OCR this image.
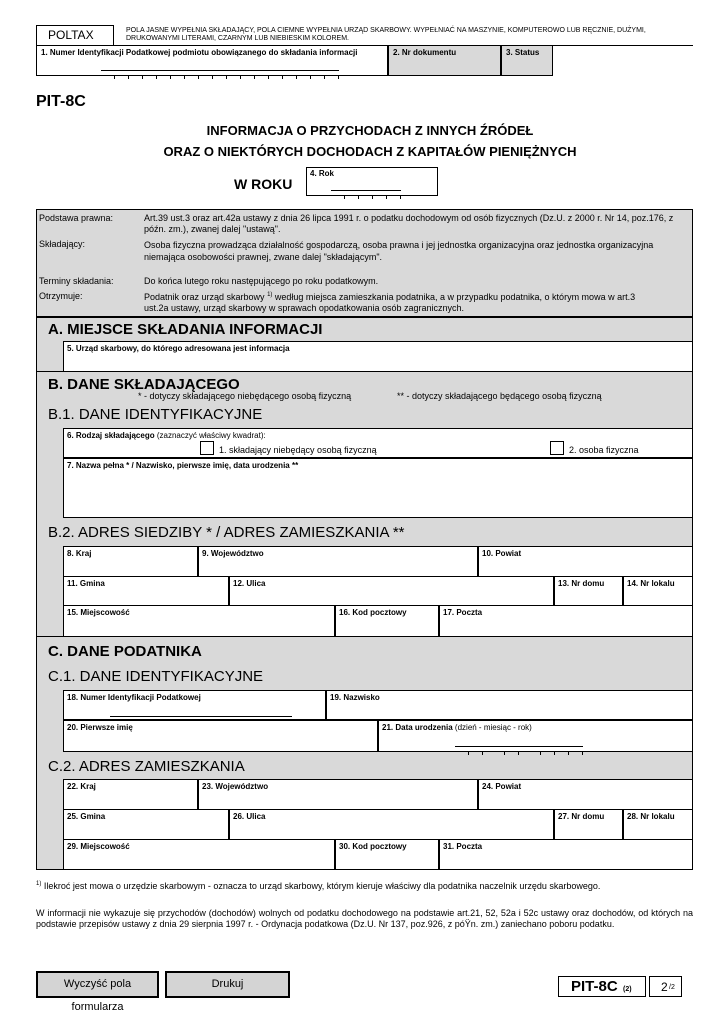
POLTAX	POLA JASNE WYPEŁNIA SKŁADAJĄCY, POLA CIEMNE WYPEŁNIA URZĄD SKARBOWY. WYPEŁNIAĆ NA MASZYNIE, KOMPUTEROWO LUB RĘCZNIE, DUŻYMI, DRUKOWANYMI LITERAMI, CZARNYM LUB NIEBIESKIM KOLOREM.
1. Numer Identyfikacji Podatkowej podmiotu obowiązanego do składania informacji	2. Nr dokumentu	3. Status
PIT-8C
INFORMACJA O PRZYCHODACH Z INNYCH ŹRÓDEŁ
ORAZ O NIEKTÓRYCH DOCHODACH Z KAPITAŁÓW PIENIĘŻNYCH
W ROKU
4. Rok
Podstawa prawna:	Art.39 ust.3 oraz art.42a ustawy z dnia 26 lipca 1991 r. o podatku dochodowym od osób fizycznych (Dz.U. z 2000 r. Nr 14, poz.176, z późn. zm.), zwanej dalej "ustawą".
Składający:	Osoba fizyczna prowadząca działalność gospodarczą, osoba prawna i jej jednostka organizacyjna oraz jednostka organizacyjna niemająca osobowości prawnej, zwane dalej "składającym".
Terminy składania:	Do końca lutego roku następującego po roku podatkowym.
Otrzymuje:	Podatnik oraz urząd skarbowy $^{1)}$ według miejsca zamieszkania podatnika, a w przypadku podatnika, o którym mowa w art.3 ust.2a ustawy, urząd skarbowy w sprawach opodatkowania osób zagranicznych.
A. MIEJSCE SKŁADANIA INFORMACJI
5. Urząd skarbowy, do którego adresowana jest informacja
B. DANE SKŁADAJĄCEGO
* - dotyczy składającego niebędącego osobą fizyczną	** - dotyczy składającego będącego osobą fizyczną
B.1. DANE IDENTYFIKACYJNE
6. Rodzaj składającego (zaznaczyć właściwy kwadrat):
1. składający niebędący osobą fizyczną	2. osoba fizyczna
7. Nazwa pełna * / Nazwisko, pierwsze imię, data urodzenia **
B.2. ADRES SIEDZIBY * / ADRES ZAMIESZKANIA **
8. Kraj	9. Województwo	10. Powiat
11. Gmina	12. Ulica	13. Nr domu	14. Nr lokalu
15. Miejscowość	16. Kod pocztowy	17. Poczta
C. DANE PODATNIKA
C.1. DANE IDENTYFIKACYJNE
18. Numer Identyfikacji Podatkowej	19. Nazwisko
20. Pierwsze imię	21. Data urodzenia (dzień - miesiąc - rok)
C.2. ADRES ZAMIESZKANIA
22. Kraj	23. Województwo	24. Powiat
25. Gmina	26. Ulica	27. Nr domu	28. Nr lokalu
29. Miejscowość	30. Kod pocztowy	31. Poczta
$^{1)}$ Ilekroć jest mowa o urzędzie skarbowym - oznacza to urząd skarbowy, którym kieruje właściwy dla podatnika naczelnik urzędu skarbowego.
W informacji nie wykazuje się przychodów (dochodów) wolnych od podatku dochodowego na podstawie art.21, 52, 52a i 52c ustawy oraz dochodów, od których na podstawie przepisów ustawy z dnia 29 sierpnia 1997 r. - Ordynacja podatkowa (Dz.U. Nr 137, poz.926, z póŸn. zm.) zaniechano poboru podatku.
Wyczyść pola formularza
Drukuj	PIT-8C (2) 2 /2
